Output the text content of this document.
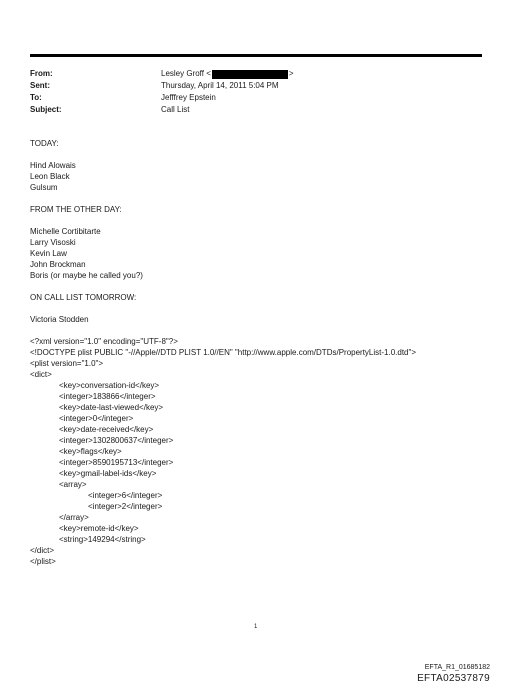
From:	Lesley Groff <	>
Sent:	Thursday, April 14, 2011 5:04 PM
To:	Jefffrey Epstein
Subject:	Call List
TODAY:
Hind Alowais
Leon Black
Gulsum
FROM THE OTHER DAY:
Michelle Cortibitarte
Larry Visoski
Kevin Law
John Brockman
Boris (or maybe he called you?)
ON CALL LIST TOMORROW:
Victoria Stodden
<?xml version="1.0" encoding="UTF-8"?>
<!DOCTYPE plist PUBLIC "-//Apple//DTD PLIST 1.0//EN" "http://www.apple.com/DTDs/PropertyList-1.0.dtd">
<plist version="1.0">
<dict>
<key>conversation-id</key>
<integer>183866</integer>
<key>date-last-viewed</key>
<integer>0</integer>
<key>date-received</key>
<integer>1302800637</integer>
<key>flags</key>
<integer>8590195713</integer>
<key>gmail-label-ids</key>
<array>
<integer>6</integer>
<integer>2</integer>
</array>
<key>remote-id</key>
<string>149294</string>
</dict>
</plist>
1
EFTA_R1_01685182
EFTA02537879
